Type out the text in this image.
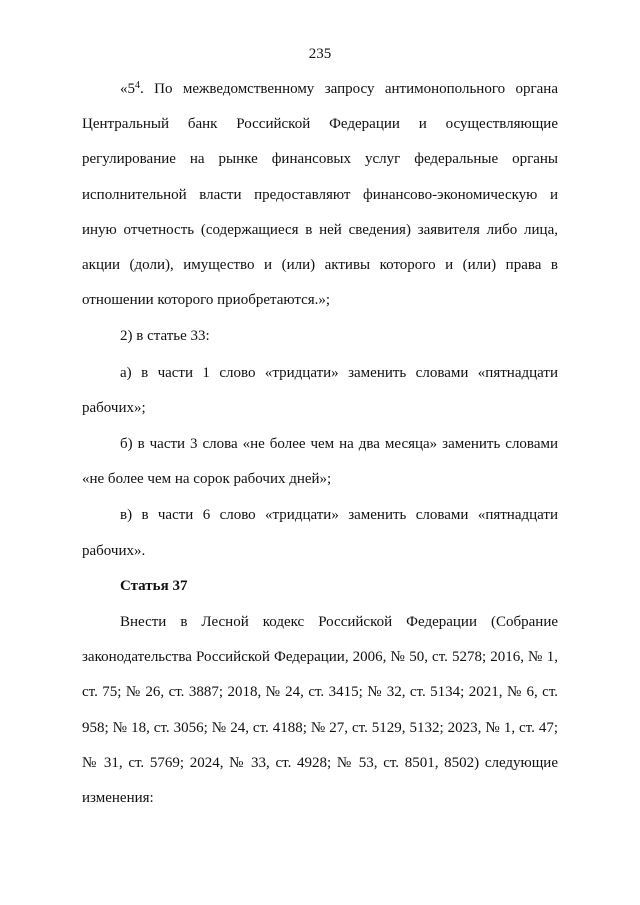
235

«$5^4$. По межведомственному запросу антимонопольного органа Центральный банк Российской Федерации и осуществляющие регулирование на рынке финансовых услуг федеральные органы исполнительной власти предоставляют финансово-экономическую и иную отчетность (содержащиеся в ней сведения) заявителя либо лица, акции (доли), имущество и (или) активы которого и (или) права в отношении которого приобретаются.»;

2) в статье 33:

а) в части 1 слово «тридцати» заменить словами «пятнадцати рабочих»;

б) в части 3 слова «не более чем на два месяца» заменить словами «не более чем на сорок рабочих дней»;

в) в части 6 слово «тридцати» заменить словами «пятнадцати рабочих».

Статья 37

Внести в Лесной кодекс Российской Федерации (Собрание законодательства Российской Федерации, 2006, № 50, ст. 5278; 2016, № 1, ст. 75; № 26, ст. 3887; 2018, № 24, ст. 3415; № 32, ст. 5134; 2021, № 6, ст. 958; № 18, ст. 3056; № 24, ст. 4188; № 27, ст. 5129, 5132; 2023, № 1, ст. 47; № 31, ст. 5769; 2024, № 33, ст. 4928; № 53, ст. 8501, 8502) следующие изменения:
